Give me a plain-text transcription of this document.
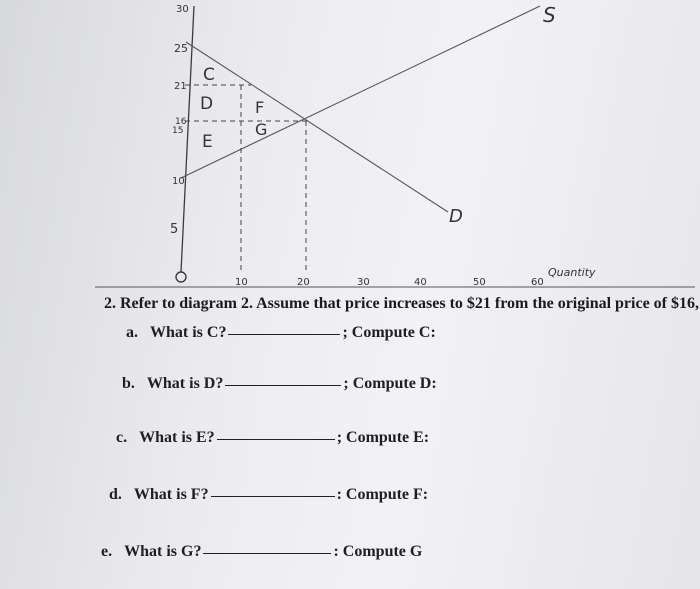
30
25
21
16
15
10
5
10	20	30	40	50	60
Quantity
S
D
C
D	F
E
G
2. Refer to diagram 2. Assume that price increases to $21 from the original price of $16,
a. What is C?	; Compute C:
b. What is D?	; Compute D:
c. What is E?	; Compute E:
d. What is F?	: Compute F:
e. What is G?	: Compute G
